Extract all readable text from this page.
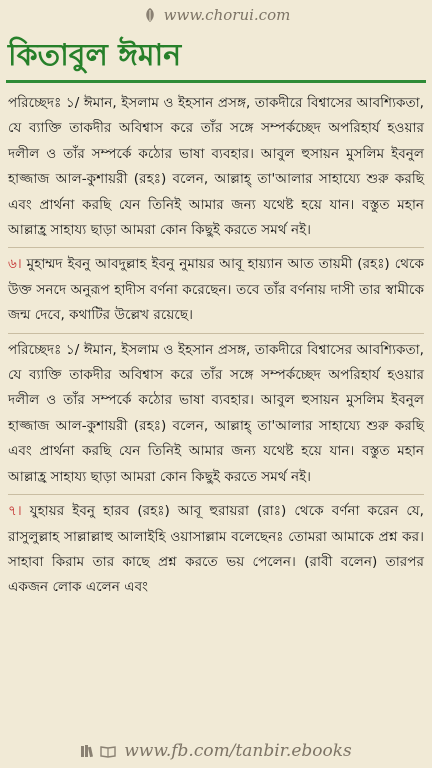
www.chorui.com
কিতাবুল ঈমান

পরিচ্ছেদঃ ১/ ঈমান, ইসলাম ও ইহসান প্রসঙ্গ, তাকদীরে বিশ্বাসের আবশ্যিকতা, যে ব্যাক্তি তাকদীর অবিশ্বাস করে তাঁর সঙ্গে সম্পর্কচ্ছেদ অপরিহার্য হওয়ার দলীল ও তাঁর সম্পর্কে কঠোর ভাষা ব্যবহার। আবুল হুসায়ন মুসলিম ইবনুল হাজ্জাজ আল-কুশায়রী (রহঃ) বলেন, আল্লাহ্ তা'আলার সাহায্যে শুরু করছি এবং প্রার্থনা করছি যেন তিনিই আমার জন্য যথেষ্ট হয়ে যান। বস্তুত মহান আল্লাহ্র সাহায্য ছাড়া আমরা কোন কিছুই করতে সমর্থ নই।

৬। মুহাম্মদ ইবনু আবদুল্লাহ ইবনু নুমায়র আবূ হায়্যান আত তায়মী (রহঃ) থেকে উক্ত সনদে অনুরূপ হাদীস বর্ণনা করেছেন। তবে তাঁর বর্ণনায় দাসী তার স্বামীকে জন্ম দেবে, কথাটির উল্লেখ রয়েছে।

পরিচ্ছেদঃ ১/ ঈমান, ইসলাম ও ইহসান প্রসঙ্গ, তাকদীরে বিশ্বাসের আবশ্যিকতা, যে ব্যাক্তি তাকদীর অবিশ্বাস করে তাঁর সঙ্গে সম্পর্কচ্ছেদ অপরিহার্য হওয়ার দলীল ও তাঁর সম্পর্কে কঠোর ভাষা ব্যবহার। আবুল হুসায়ন মুসলিম ইবনুল হাজ্জাজ আল-কুশায়রী (রহঃ) বলেন, আল্লাহ্ তা'আলার সাহায্যে শুরু করছি এবং প্রার্থনা করছি যেন তিনিই আমার জন্য যথেষ্ট হয়ে যান। বস্তুত মহান আল্লাহ্র সাহায্য ছাড়া আমরা কোন কিছুই করতে সমর্থ নই।

৭। যুহায়র ইবনু হারব (রহঃ) আবূ হুরায়রা (রাঃ) থেকে বর্ণনা করেন যে, রাসুলুল্লাহ সাল্লাল্লাহু আলাইহি ওয়াসাল্লাম বলেছেনঃ তোমরা আমাকে প্রশ্ন কর। সাহাবা কিরাম তার কাছে প্রশ্ন করতে ভয় পেলেন। (রাবী বলেন) তারপর একজন লোক এলেন এবং

www.fb.com/tanbir.ebooks
